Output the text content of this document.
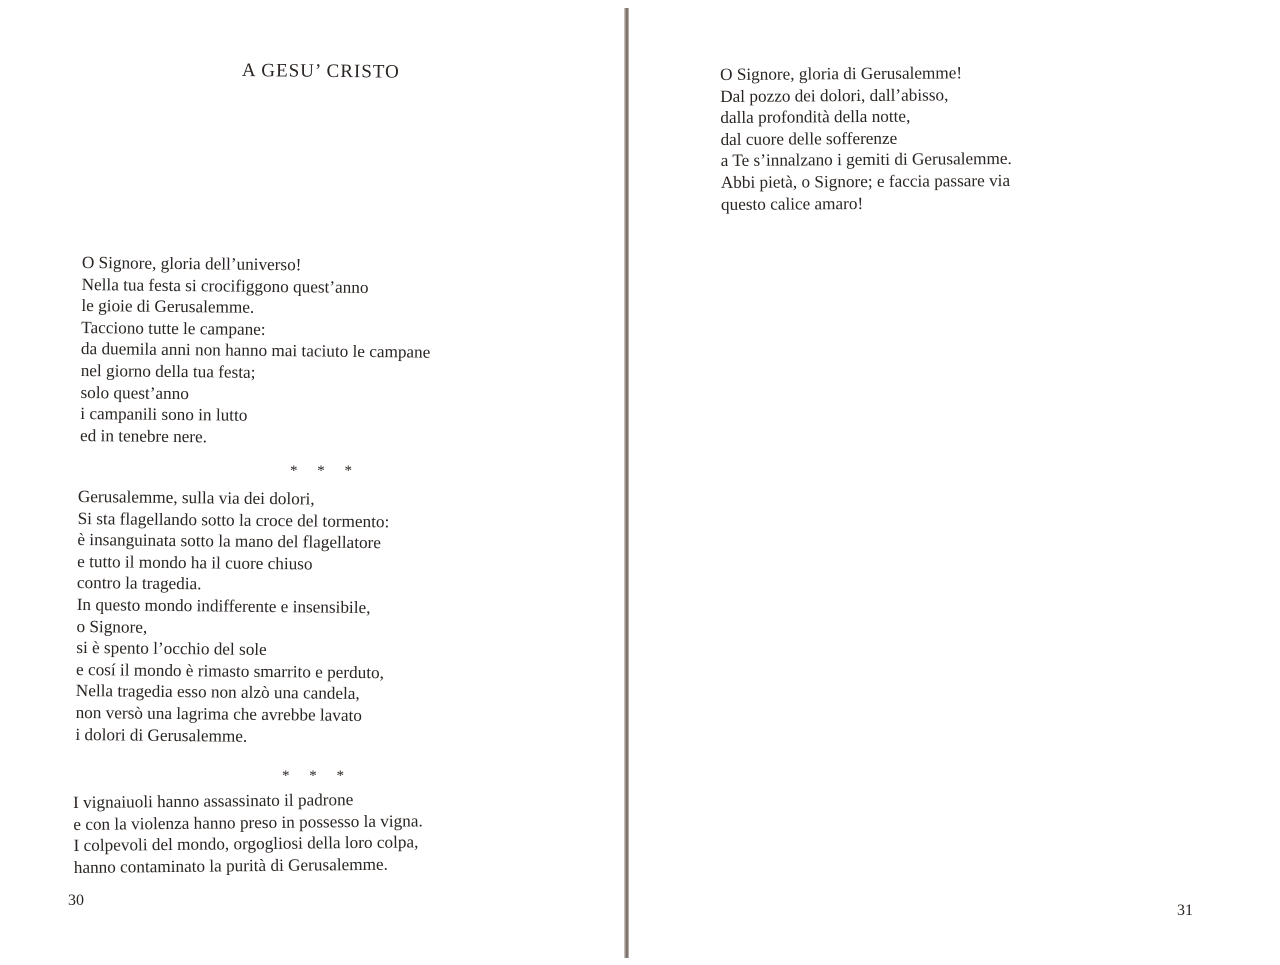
A GESU’ CRISTO
O Signore, gloria dell’universo!
Nella tua festa si crocifiggono quest’anno
le gioie di Gerusalemme.
Tacciono tutte le campane:
da duemila anni non hanno mai taciuto le campane
nel giorno della tua festa;
solo quest’anno
i campanili sono in lutto
ed in tenebre nere.
* * *
Gerusalemme, sulla via dei dolori,
Si sta flagellando sotto la croce del tormento:
è insanguinata sotto la mano del flagellatore
e tutto il mondo ha il cuore chiuso
contro la tragedia.
In questo mondo indifferente e insensibile,
o Signore,
si è spento l’occhio del sole
e cosí il mondo è rimasto smarrito e perduto,
Nella tragedia esso non alzò una candela,
non versò una lagrima che avrebbe lavato
i dolori di Gerusalemme.
* * *
I vignaiuoli hanno assassinato il padrone
e con la violenza hanno preso in possesso la vigna.
I colpevoli del mondo, orgogliosi della loro colpa,
hanno contaminato la purità di Gerusalemme.
30
O Signore, gloria di Gerusalemme!
Dal pozzo dei dolori, dall’abisso,
dalla profondità della notte,
dal cuore delle sofferenze
a Te s’innalzano i gemiti di Gerusalemme.
Abbi pietà, o Signore; e faccia passare via
questo calice amaro!
31
